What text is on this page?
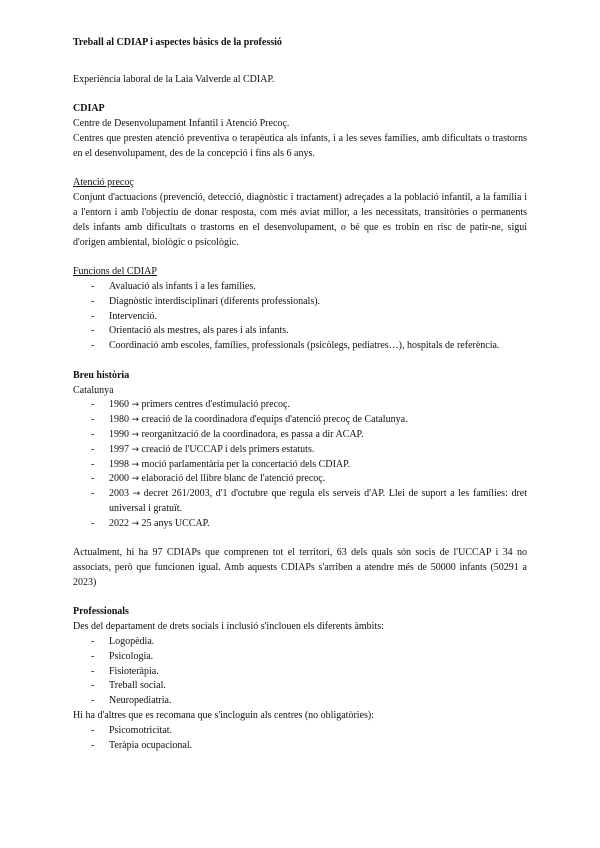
Treball al CDIAP i aspectes bàsics de la professió

Experiència laboral de la Laia Valverde al CDIAP.

CDIAP

Centre de Desenvolupament Infantil i Atenció Precoç.

Centres que presten atenció preventiva o terapèutica als infants, i a les seves famílies, amb dificultats o trastorns en el desenvolupament, des de la concepció i fins als 6 anys.

Atenció precoç

Conjunt d'actuacions (prevenció, detecció, diagnòstic i tractament) adreçades a la població infantil, a la família i a l'entorn i amb l'objectiu de donar resposta, com més aviat millor, a les necessitats, transitòries o permanents dels infants amb dificultats o trastorns en el desenvolupament, o bé que es trobin en risc de patir-ne, sigui d'origen ambiental, biològic o psicològic.

Funcions del CDIAP

- Avaluació als infants i a les famílies.
- Diagnòstic interdisciplinari (diferents professionals).
- Intervenció.
- Orientació als mestres, als pares i als infants.
- Coordinació amb escoles, famílies, professionals (psicòlegs, pediatres…), hospitals de referència.

Breu història

Catalunya

- 1960 → primers centres d'estimulació precoç.
- 1980 → creació de la coordinadora d'equips d'atenció precoç de Catalunya.
- 1990 → reorganització de la coordinadora, es passa a dir ACAP.
- 1997 → creació de l'UCCAP i dels primers estatuts.
- 1998 → moció parlamentària per la concertació dels CDIAP.
- 2000 → elaboració del llibre blanc de l'atenció precoç.
- 2003 → decret 261/2003, d'1 d'octubre que regula els serveis d'AP. Llei de suport a les famílies: dret universal i gratuït.
- 2022 → 25 anys UCCAP.

Actualment, hi ha 97 CDIAPs que comprenen tot el territori, 63 dels quals són socis de l'UCCAP i 34 no associats, però que funcionen igual. Amb aquests CDIAPs s'arriben a atendre més de 50000 infants (50291 a 2023)

Professionals

Des del departament de drets socials i inclusió s'inclouen els diferents àmbits:

- Logopèdia.
- Psicologia.
- Fisioteràpia.
- Treball social.
- Neuropediatria.

Hi ha d'altres que es recomana que s'incloguin als centres (no obligatòries):

- Psicomotricitat.
- Teràpia ocupacional.
